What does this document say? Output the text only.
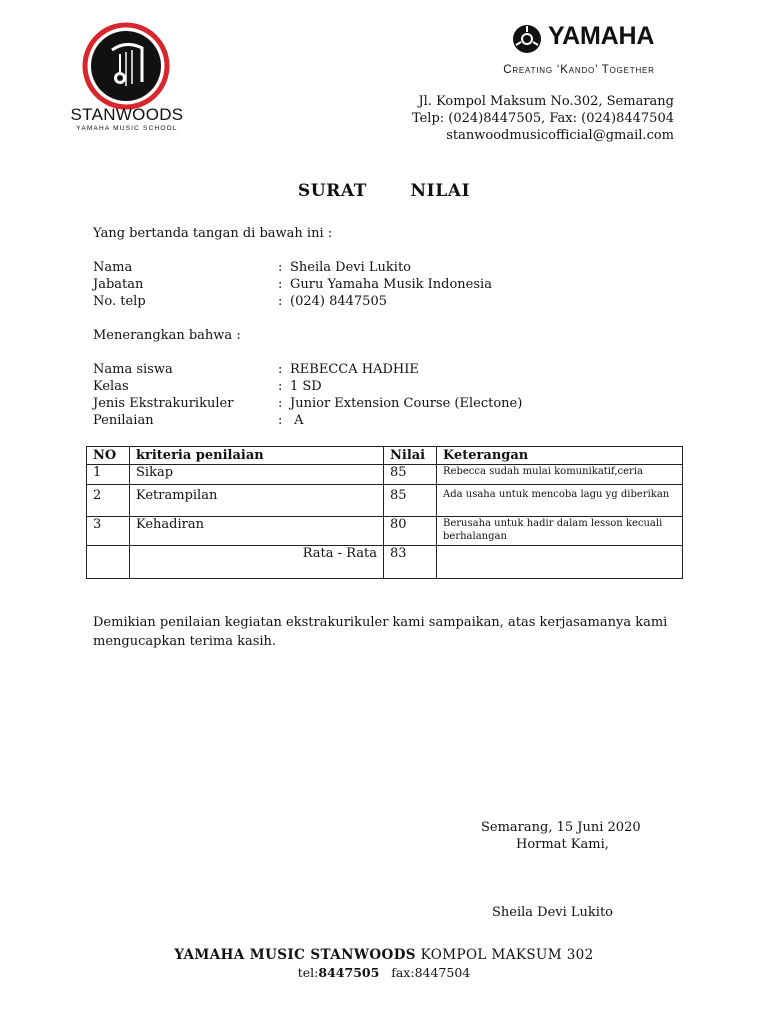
STANWOODS
YAMAHA MUSIC SCHOOL
YAMAHA
Creating ‘Kando’ Together
Jl. Kompol Maksum No.302, Semarang
Telp: (024)8447505, Fax: (024)8447504
stanwoodmusicofficial@gmail.com
SURAT   NILAI
Yang bertanda tangan di bawah ini :
Nama	: Sheila Devi Lukito
Jabatan	: Guru Yamaha Musik Indonesia
No. telp	: (024) 8447505
Menerangkan bahwa :
Nama siswa	: REBECCA HADHIE
Kelas	: 1 SD
Jenis Ekstrakurikuler	: Junior Extension Course (Electone)
Penilaian	: A
NO	kriteria penilaian	Nilai	Keterangan
1	Sikap	85	Rebecca sudah mulai komunikatif,ceria
2	Ketrampilan	85	Ada usaha untuk mencoba lagu yg diberikan
3	Kehadiran	80	Berusaha untuk hadir dalam lesson kecuali berhalangan
	Rata - Rata	83	
Demikian penilaian kegiatan ekstrakurikuler kami sampaikan, atas kerjasamanya kami mengucapkan terima kasih.
Semarang, 15 Juni 2020
Hormat Kami,
Sheila Devi Lukito
YAMAHA MUSIC STANWOODS KOMPOL MAKSUM 302
tel:8447505 fax:8447504
